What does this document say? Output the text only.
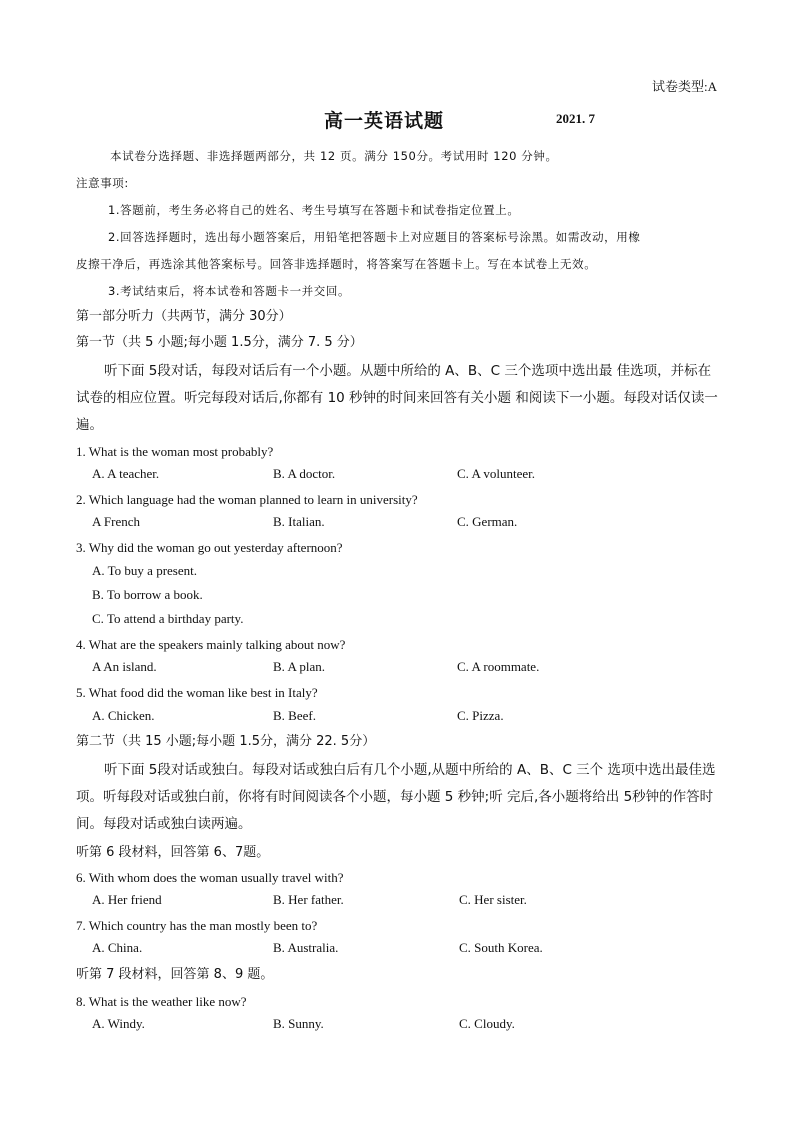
试卷类型:A
高一英语试题	2021. 7
本试卷分选择题、非选择题两部分，共 12 页。满分 150分。考试用时 120 分钟。
注意事项:
1.答题前，考生务必将自己的姓名、考生号填写在答题卡和试卷指定位置上。
2.回答选择题时，选出每小题答案后，用铅笔把答题卡上对应题目的答案标号涂黑。如需改动，用橡
皮擦干净后，再选涂其他答案标号。回答非选择题时，将答案写在答题卡上。写在本试卷上无效。
3.考试结束后，将本试卷和答题卡一并交回。
第一部分听力（共两节，满分 30分）
第一节（共 5 小题;每小题 1.5分，满分 7. 5 分）
听下面 5段对话，每段对话后有一个小题。从题中所给的 A、B、C 三个选项中选出最 佳选项，并标在试卷的相应位置。听完每段对话后,你都有 10 秒钟的时间来回答有关小题 和阅读下一小题。每段对话仅读一遍。
1. What is the woman most probably?
A. A teacher.	B. A doctor.	C. A volunteer.
2. Which language had the woman planned to learn in university?
A French	B. Italian.	C. German.
3. Why did the woman go out yesterday afternoon?
A. To buy a present.
B. To borrow a book.
C. To attend a birthday party.
4. What are the speakers mainly talking about now?
A An island.	B. A plan.	C. A roommate.
5. What food did the woman like best in Italy?
A. Chicken.	B. Beef.	C. Pizza.
第二节（共 15 小题;每小题 1.5分，满分 22. 5分）
听下面 5段对话或独白。每段对话或独白后有几个小题,从题中所给的 A、B、C 三个 选项中选出最佳选项。听每段对话或独白前，你将有时间阅读各个小题，每小题 5 秒钟;听 完后,各小题将给出 5秒钟的作答时间。每段对话或独白读两遍。
听第 6 段材料，回答第 6、7题。
6. With whom does the woman usually travel with?
A. Her friend	B. Her father.	C. Her sister.
7. Which country has the man mostly been to?
A. China.	B. Australia.	C. South Korea.
听第 7 段材料，回答第 8、9 题。
8. What is the weather like now?
A. Windy.	B. Sunny.	C. Cloudy.
